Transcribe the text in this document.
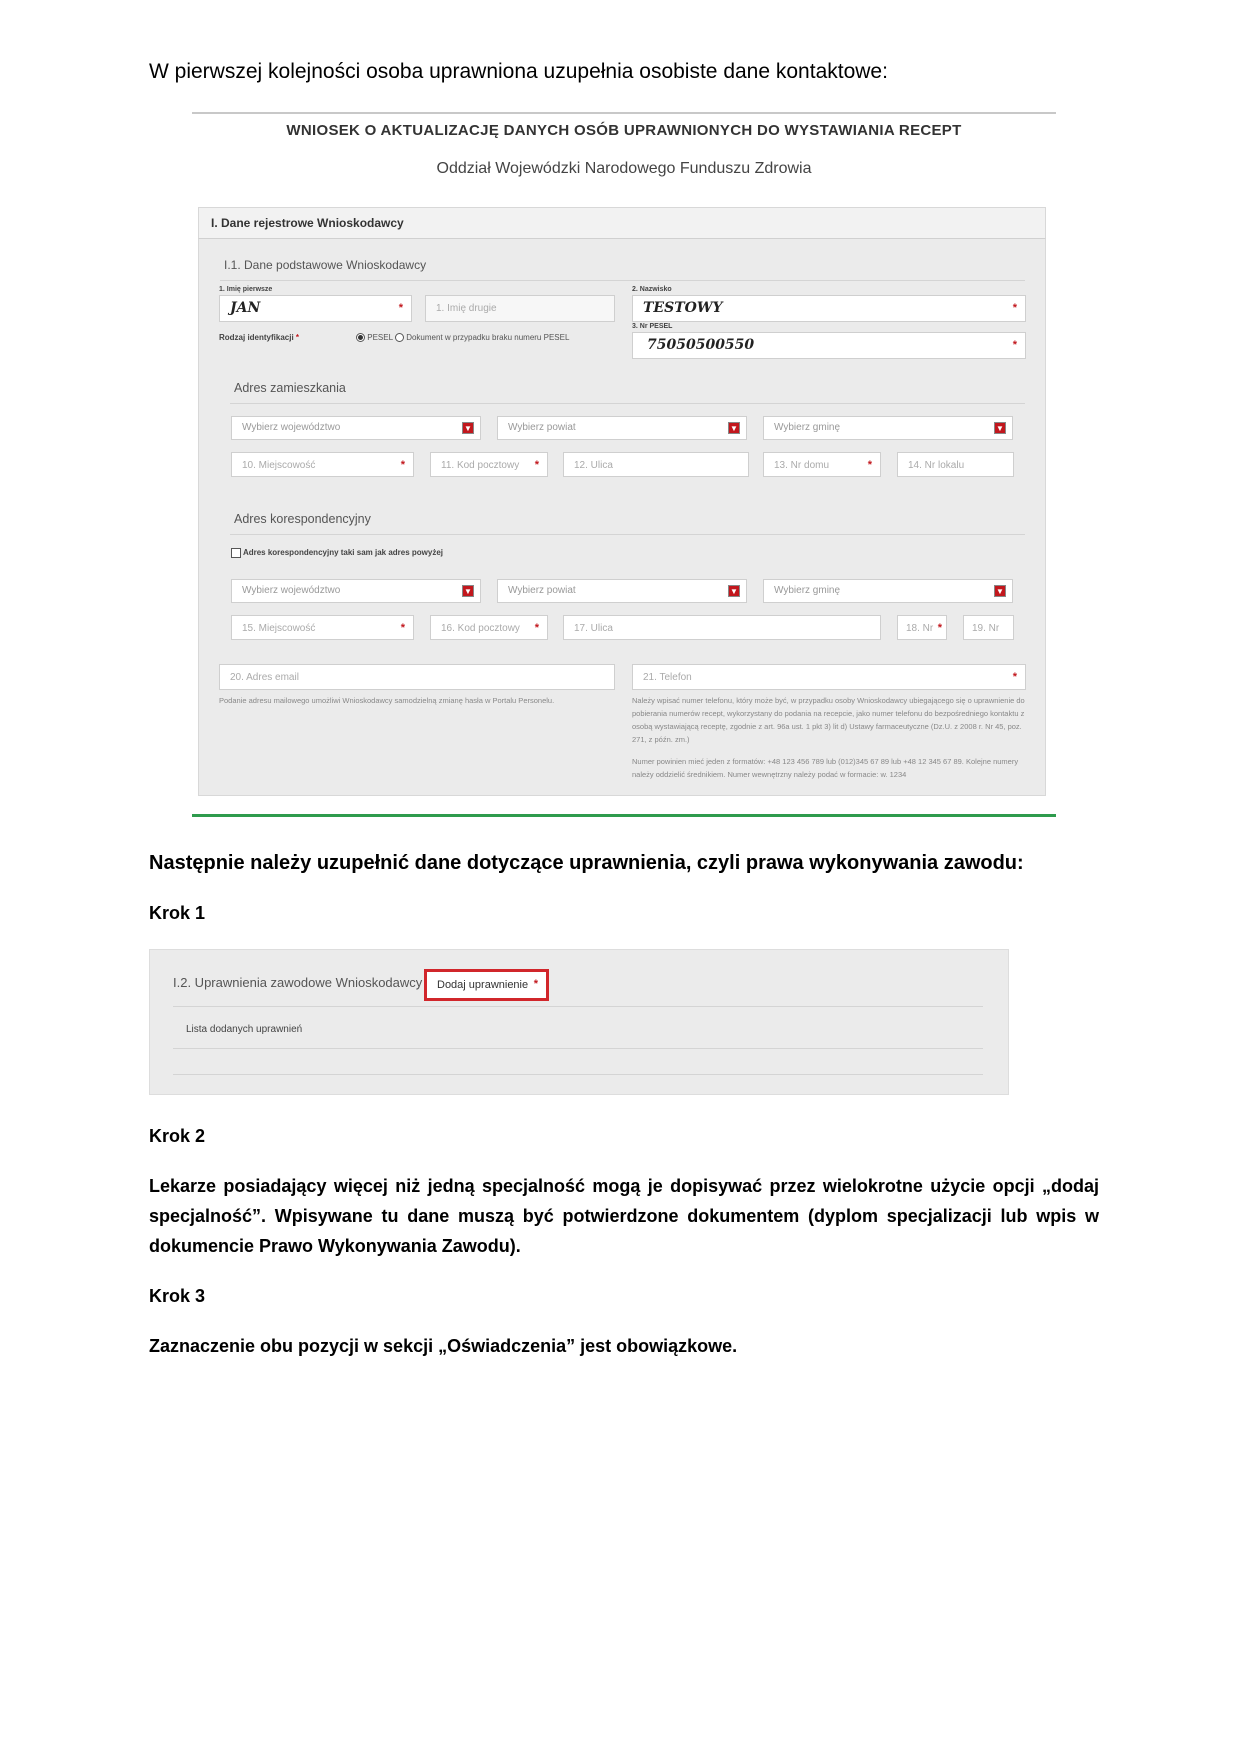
W pierwszej kolejności osoba uprawniona uzupełnia osobiste dane kontaktowe:
WNIOSEK O AKTUALIZACJĘ DANYCH OSÓB UPRAWNIONYCH DO WYSTAWIANIA RECEPT
Oddział Wojewódzki Narodowego Funduszu Zdrowia
I. Dane rejestrowe Wnioskodawcy
I.1. Dane podstawowe Wnioskodawcy
1. Imię pierwsze
JAN	*	1. Imię drugie
2. Nazwisko
TESTOWY	*
Rodzaj identyfikacji *	PESEL Dokument w przypadku braku numeru PESEL
3. Nr PESEL
75050500550	*
Adres zamieszkania
Wybierz województwo	▼	Wybierz powiat	▼	Wybierz gminę	▼
10. Miejscowość	*	11. Kod pocztowy *	12. Ulica	13. Nr domu	*	14. Nr lokalu
Adres korespondencyjny
Adres korespondencyjny taki sam jak adres powyżej
Wybierz województwo	▼	Wybierz powiat	▼	Wybierz gminę	▼
15. Miejscowość	*	16. Kod pocztowy *	17. Ulica	18. Nr *	19. Nr
20. Adres email
Podanie adresu mailowego umożliwi Wnioskodawcy samodzielną zmianę hasła w Portalu Personelu.
21. Telefon	*
Należy wpisać numer telefonu, który może być, w przypadku osoby Wnioskodawcy ubiegającego się o uprawnienie do pobierania numerów recept, wykorzystany do podania na recepcie, jako numer telefonu do bezpośredniego kontaktu z osobą wystawiającą receptę, zgodnie z art. 96a ust. 1 pkt 3) lit d) Ustawy farmaceutyczne (Dz.U. z 2008 r. Nr 45, poz. 271, z późn. zm.)
Numer powinien mieć jeden z formatów: +48 123 456 789 lub (012)345 67 89 lub +48 12 345 67 89. Kolejne numery należy oddzielić średnikiem. Numer wewnętrzny należy podać w formacie: w. 1234
Następnie należy uzupełnić dane dotyczące uprawnienia, czyli prawa wykonywania zawodu:
Krok 1
I.2. Uprawnienia zawodowe Wnioskodawcy	Dodaj uprawnienie *
Lista dodanych uprawnień
Krok 2
Lekarze posiadający więcej niż jedną specjalność mogą je dopisywać przez wielokrotne użycie opcji „dodaj specjalność”. Wpisywane tu dane muszą być potwierdzone dokumentem (dyplom specjalizacji lub wpis w dokumencie Prawo Wykonywania Zawodu).
Krok 3
Zaznaczenie obu pozycji w sekcji „Oświadczenia” jest obowiązkowe.
